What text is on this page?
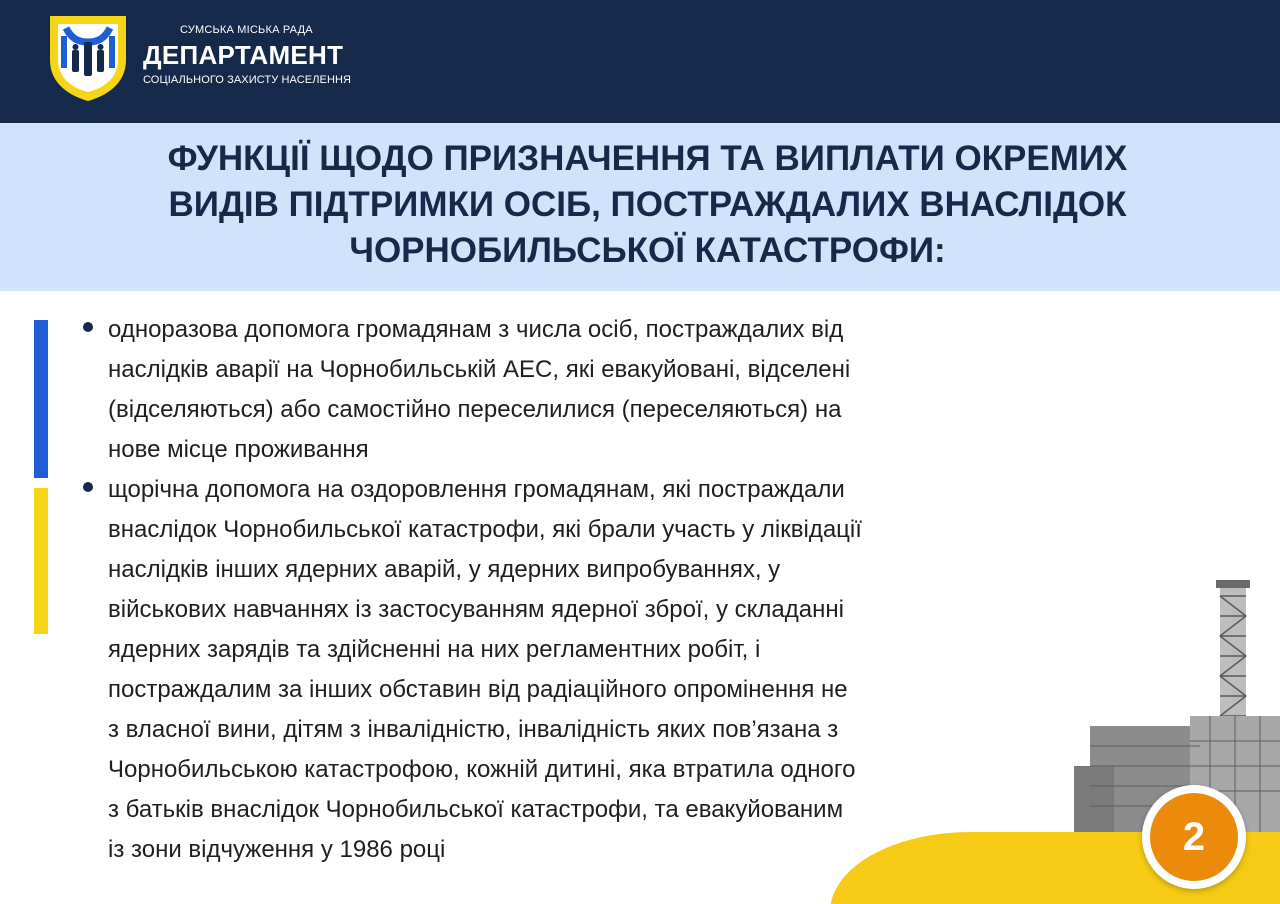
СУМСЬКА МІСЬКА РАДА
ДЕПАРТАМЕНТ
СОЦІАЛЬНОГО ЗАХИСТУ НАСЕЛЕННЯ
ФУНКЦІЇ ЩОДО ПРИЗНАЧЕННЯ ТА ВИПЛАТИ ОКРЕМИХ
ВИДІВ ПІДТРИМКИ ОСІБ, ПОСТРАЖДАЛИХ ВНАСЛІДОК
ЧОРНОБИЛЬСЬКОЇ КАТАСТРОФИ:
одноразова допомога громадянам з числа осіб, постраждалих від
наслідків аварії на Чорнобильській АЕС, які евакуйовані, відселені
(відселяються) або самостійно переселилися (переселяються) на
нове місце проживання
щорічна допомога на оздоровлення громадянам, які постраждали
внаслідок Чорнобильської катастрофи, які брали участь у ліквідації
наслідків інших ядерних аварій, у ядерних випробуваннях, у
військових навчаннях із застосуванням ядерної зброї, у складанні
ядерних зарядів та здійсненні на них регламентних робіт, і
постраждалим за інших обставин від радіаційного опромінення не
з власної вини, дітям з інвалідністю, інвалідність яких пов’язана з
Чорнобильською катастрофою, кожній дитині, яка втратила одного
з батьків внаслідок Чорнобильської катастрофи, та евакуйованим
із зони відчуження у 1986 році	2
